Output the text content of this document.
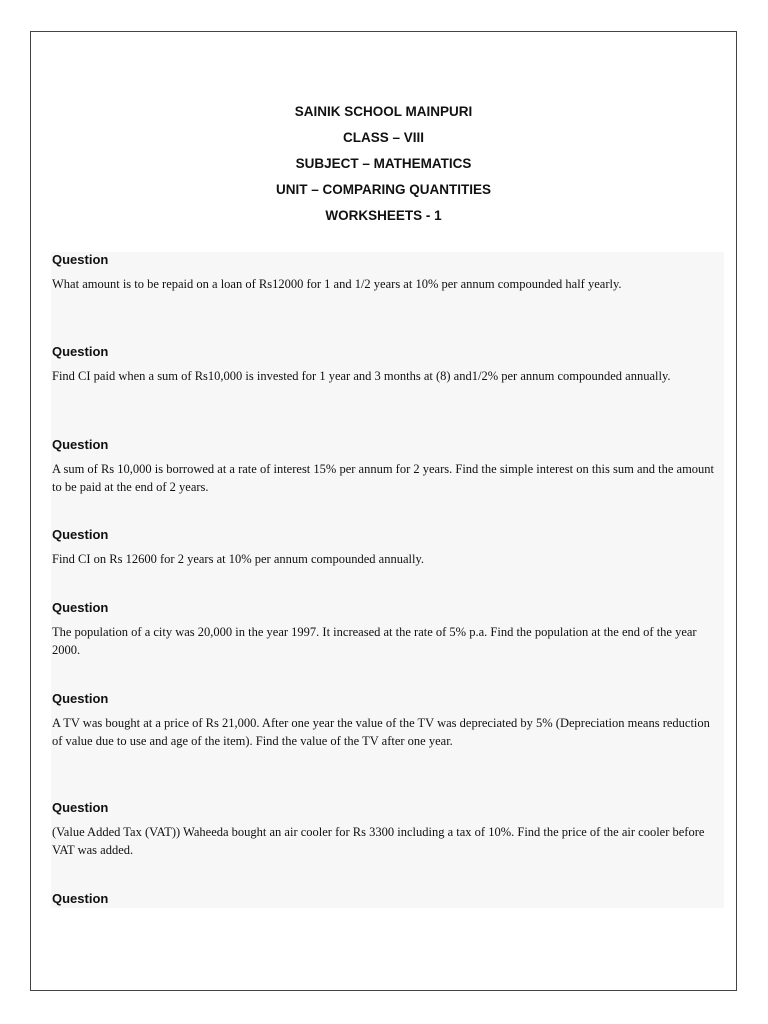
SAINIK SCHOOL MAINPURI
CLASS – VIII
SUBJECT – MATHEMATICS
UNIT – COMPARING QUANTITIES
WORKSHEETS - 1
Question
What amount is to be repaid on a loan of Rs12000 for 1 and 1/2 years at 10% per annum compounded half yearly.
Question
Find CI paid when a sum of Rs10,000 is invested for 1 year and 3 months at (8) and1/2% per annum compounded annually.
Question
A sum of Rs 10,000 is borrowed at a rate of interest 15% per annum for 2 years. Find the simple interest on this sum and the amount to be paid at the end of 2 years.
Question
Find CI on Rs 12600 for 2 years at 10% per annum compounded annually.
Question
The population of a city was 20,000 in the year 1997. It increased at the rate of 5% p.a. Find the population at the end of the year 2000.
Question
A TV was bought at a price of Rs 21,000. After one year the value of the TV was depreciated by 5% (Depreciation means reduction of value due to use and age of the item). Find the value of the TV after one year.
Question
(Value Added Tax (VAT)) Waheeda bought an air cooler for Rs 3300 including a tax of 10%. Find the price of the air cooler before VAT was added.
Question
